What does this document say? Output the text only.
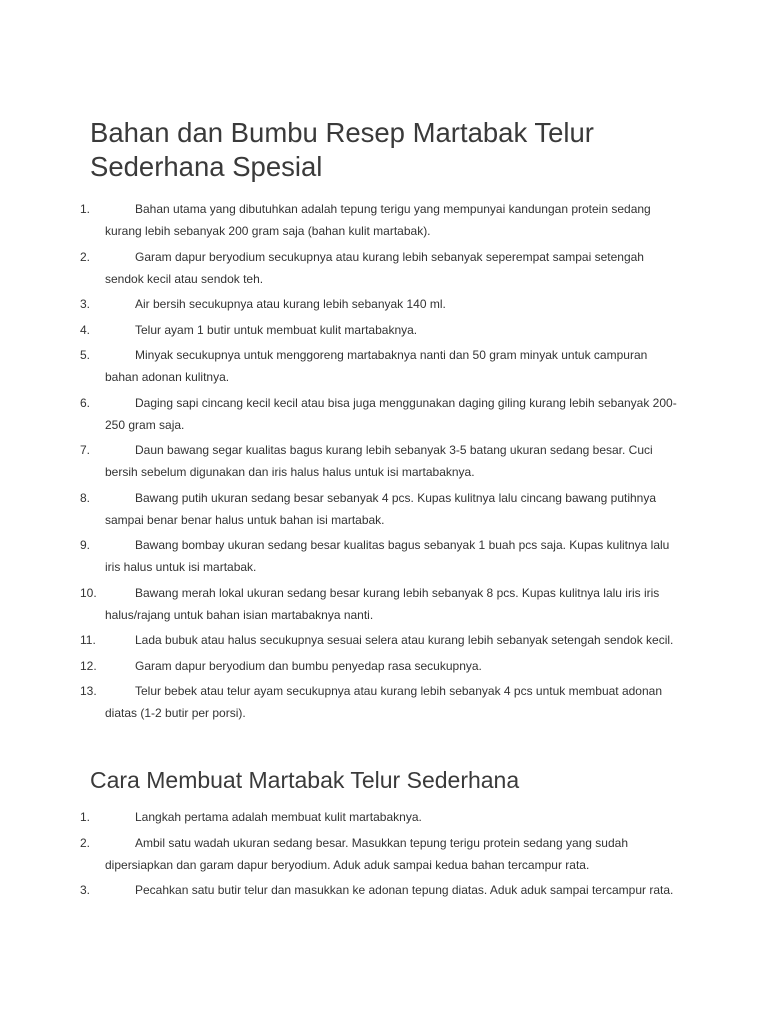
Bahan dan Bumbu Resep Martabak Telur Sederhana Spesial
1.	Bahan utama yang dibutuhkan adalah tepung terigu yang mempunyai kandungan protein sedang kurang lebih sebanyak 200 gram saja (bahan kulit martabak).
2.	Garam dapur beryodium secukupnya atau kurang lebih sebanyak seperempat sampai setengah sendok kecil atau sendok teh.
3.	Air bersih secukupnya atau kurang lebih sebanyak 140 ml.
4.	Telur ayam 1 butir untuk membuat kulit martabaknya.
5.	Minyak secukupnya untuk menggoreng martabaknya nanti dan 50 gram minyak untuk campuran bahan adonan kulitnya.
6.	Daging sapi cincang kecil kecil atau bisa juga menggunakan daging giling kurang lebih sebanyak 200-250 gram saja.
7.	Daun bawang segar kualitas bagus kurang lebih sebanyak 3-5 batang ukuran sedang besar. Cuci bersih sebelum digunakan dan iris halus halus untuk isi martabaknya.
8.	Bawang putih ukuran sedang besar sebanyak 4 pcs. Kupas kulitnya lalu cincang bawang putihnya sampai benar benar halus untuk bahan isi martabak.
9.	Bawang bombay ukuran sedang besar kualitas bagus sebanyak 1 buah pcs saja. Kupas kulitnya lalu iris halus untuk isi martabak.
10.	Bawang merah lokal ukuran sedang besar kurang lebih sebanyak 8 pcs. Kupas kulitnya lalu iris iris halus/rajang untuk bahan isian martabaknya nanti.
11.	Lada bubuk atau halus secukupnya sesuai selera atau kurang lebih sebanyak setengah sendok kecil.
12.	Garam dapur beryodium dan bumbu penyedap rasa secukupnya.
13.	Telur bebek atau telur ayam secukupnya atau kurang lebih sebanyak 4 pcs untuk membuat adonan diatas (1-2 butir per porsi).
Cara Membuat Martabak Telur Sederhana
1.	Langkah pertama adalah membuat kulit martabaknya.
2.	Ambil satu wadah ukuran sedang besar. Masukkan tepung terigu protein sedang yang sudah dipersiapkan dan garam dapur beryodium. Aduk aduk sampai kedua bahan tercampur rata.
3.	Pecahkan satu butir telur dan masukkan ke adonan tepung diatas. Aduk aduk sampai tercampur rata.
